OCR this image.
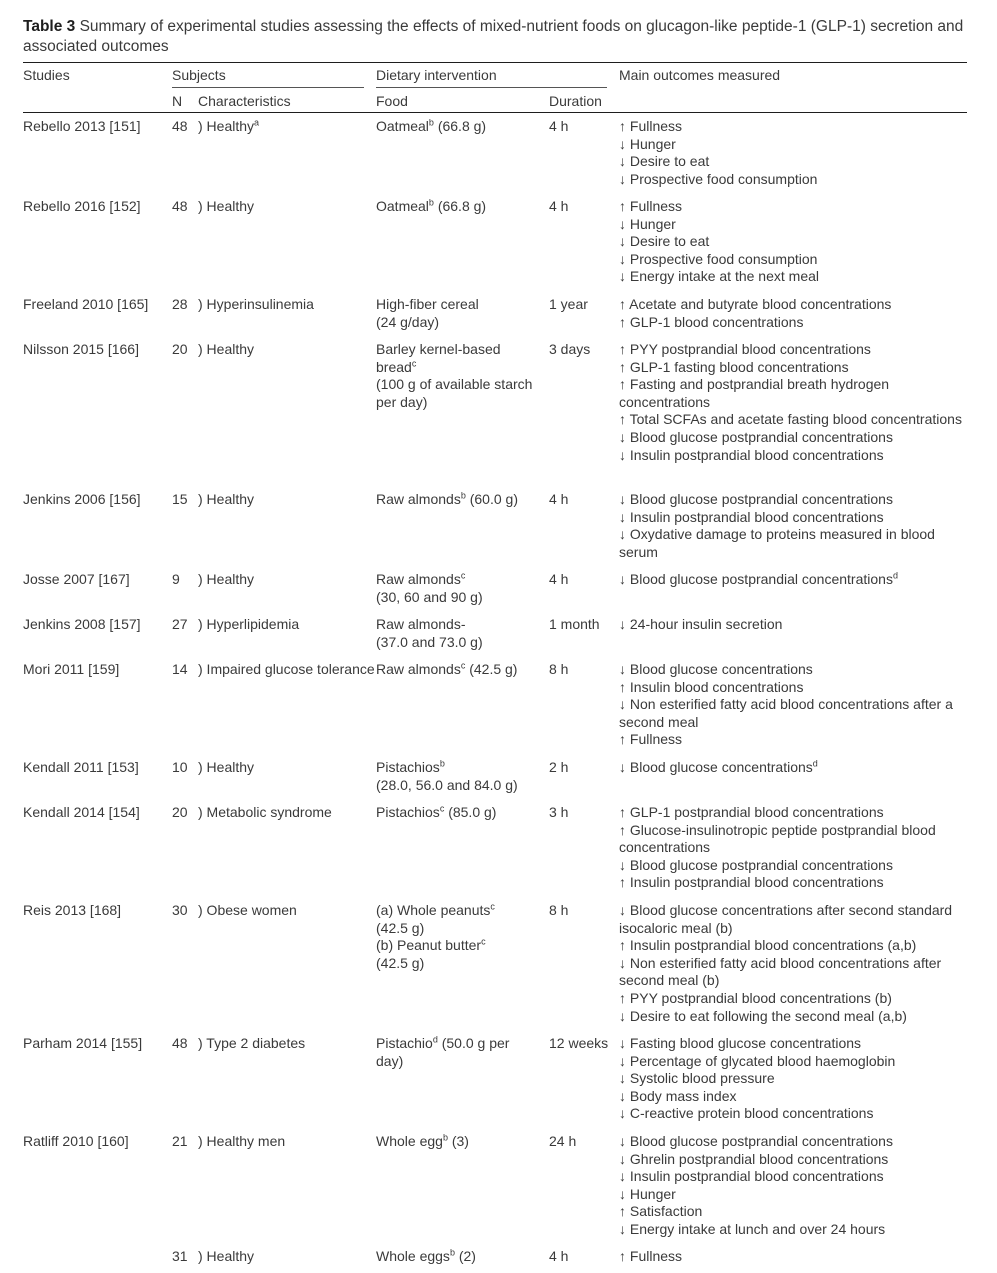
Table 3 Summary of experimental studies assessing the effects of mixed-nutrient foods on glucagon-like peptide-1 (GLP-1) secretion and associated outcomes
Studies	Subjects	Dietary intervention	Main outcomes measured
N Characteristics	Food	Duration
Rebello 2013 [151]	48 ) Healthy$^a$	Oatmeal$^b$ (66.8 g)	4 h	↑ Fullness
↓ Hunger
↓ Desire to eat
↓ Prospective food consumption
Rebello 2016 [152]	48 ) Healthy	Oatmeal$^b$ (66.8 g)	4 h	↑ Fullness
↓ Hunger
↓ Desire to eat
↓ Prospective food consumption
↓ Energy intake at the next meal
Freeland 2010 [165]	28 ) Hyperinsulinemia	High-fiber cereal
(24 g/day)
1 year	↑ Acetate and butyrate blood concentrations
↑ GLP-1 blood concentrations
Nilsson 2015 [166]	20 ) Healthy	Barley kernel-based
bread$^c$
(100 g of available starch
per day)
3 days	↑ PYY postprandial blood concentrations
↑ GLP-1 fasting blood concentrations
↑ Fasting and postprandial breath hydrogen concentrations
↑ Total SCFAs and acetate fasting blood concentrations
↓ Blood glucose postprandial concentrations
↓ Insulin postprandial blood concentrations
Jenkins 2006 [156]	15 ) Healthy	Raw almonds$^b$ (60.0 g)	4 h	↓ Blood glucose postprandial concentrations
↓ Insulin postprandial blood concentrations
↓ Oxydative damage to proteins measured in blood serum
Josse 2007 [167]	9	) Healthy	Raw almonds$^c$
(30, 60 and 90 g)
4 h	↓ Blood glucose postprandial concentrations$^d$
Jenkins 2008 [157]	27 ) Hyperlipidemia	Raw almonds-
(37.0 and 73.0 g)
1 month	↓ 24-hour insulin secretion
Mori 2011 [159]	14 ) Impaired glucose tolerance Raw almonds$^c$ (42.5 g)	8 h	↓ Blood glucose concentrations
↑ Insulin blood concentrations
↓ Non esterified fatty acid blood concentrations after a second meal
↑ Fullness
Kendall 2011 [153]	10 ) Healthy	Pistachios$^b$
(28.0, 56.0 and 84.0 g)
2 h	↓ Blood glucose concentrations$^d$
Kendall 2014 [154]	20 ) Metabolic syndrome	Pistachios$^c$ (85.0 g)	3 h	↑ GLP-1 postprandial blood concentrations
↑ Glucose-insulinotropic peptide postprandial blood concentrations
↓ Blood glucose postprandial concentrations
↑ Insulin postprandial blood concentrations
Reis 2013 [168]	30 ) Obese women	(a) Whole peanuts$^c$
(42.5 g)
(b) Peanut butter$^c$
(42.5 g)
8 h	↓ Blood glucose concentrations after second standard isocaloric meal (b)
↑ Insulin postprandial blood concentrations (a,b)
↓ Non esterified fatty acid blood concentrations after second meal (b)
↑ PYY postprandial blood concentrations (b)
↓ Desire to eat following the second meal (a,b)
Parham 2014 [155]	48 ) Type 2 diabetes	Pistachio$^d$ (50.0 g per
day)
12 weeks ↓ Fasting blood glucose concentrations
↓ Percentage of glycated blood haemoglobin
↓ Systolic blood pressure
↓ Body mass index
↓ C-reactive protein blood concentrations
Ratliff 2010 [160]	21 ) Healthy men	Whole egg$^b$ (3)	24 h	↓ Blood glucose postprandial concentrations
↓ Ghrelin postprandial blood concentrations
↓ Insulin postprandial blood concentrations
↓ Hunger
↑ Satisfaction
↓ Energy intake at lunch and over 24 hours
31 ) Healthy	Whole eggs$^b$ (2)	4 h	↑ Fullness
